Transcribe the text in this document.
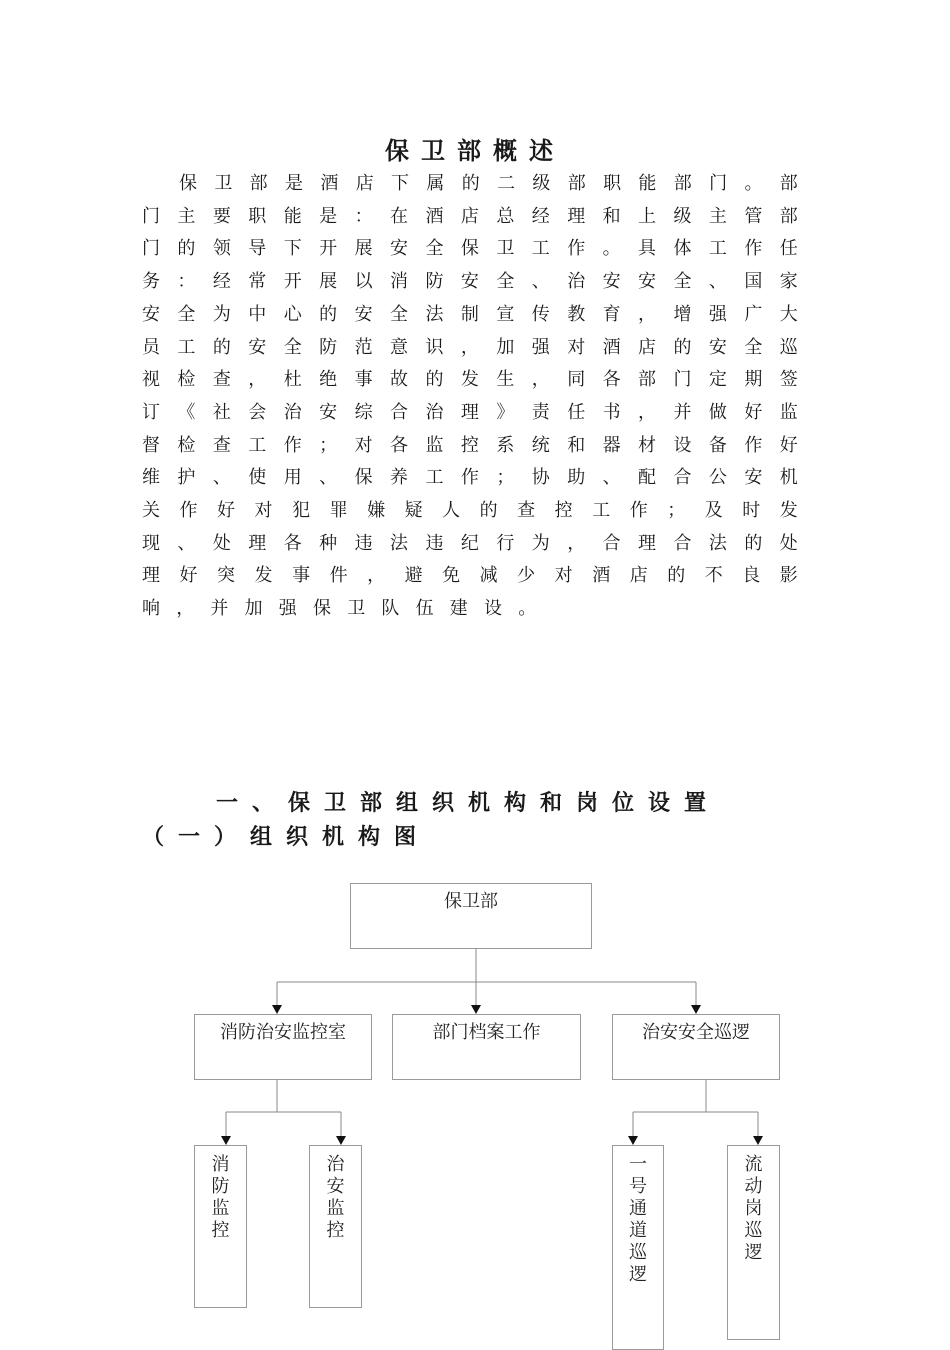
保卫部概述

保卫部是酒店下属的二级部职能部门。部门主要职能是：在酒店总经理和上级主管部门的领导下开展安全保卫工作。具体工作任务：经常开展以消防安全、治安安全、国家安全为中心的安全法制宣传教育，增强广大员工的安全防范意识，加强对酒店的安全巡视检查，杜绝事故的发生，同各部门定期签订《社会治安综合治理》责任书，并做好监督检查工作；对各监控系统和器材设备作好维护、使用、保养工作；协助、配合公安机关作好对犯罪嫌疑人的查控工作；及时发现、处理各种违法违纪行为，合理合法的处理好突发事件，避免减少对酒店的不良影响，并加强保卫队伍建设。

一、保卫部组织机构和岗位设置
（一）组织机构图
保卫部
消防治安监控室	部门档案工作	治安安全巡逻
消防监控
治安监控
一号通道巡逻
流动岗巡逻
